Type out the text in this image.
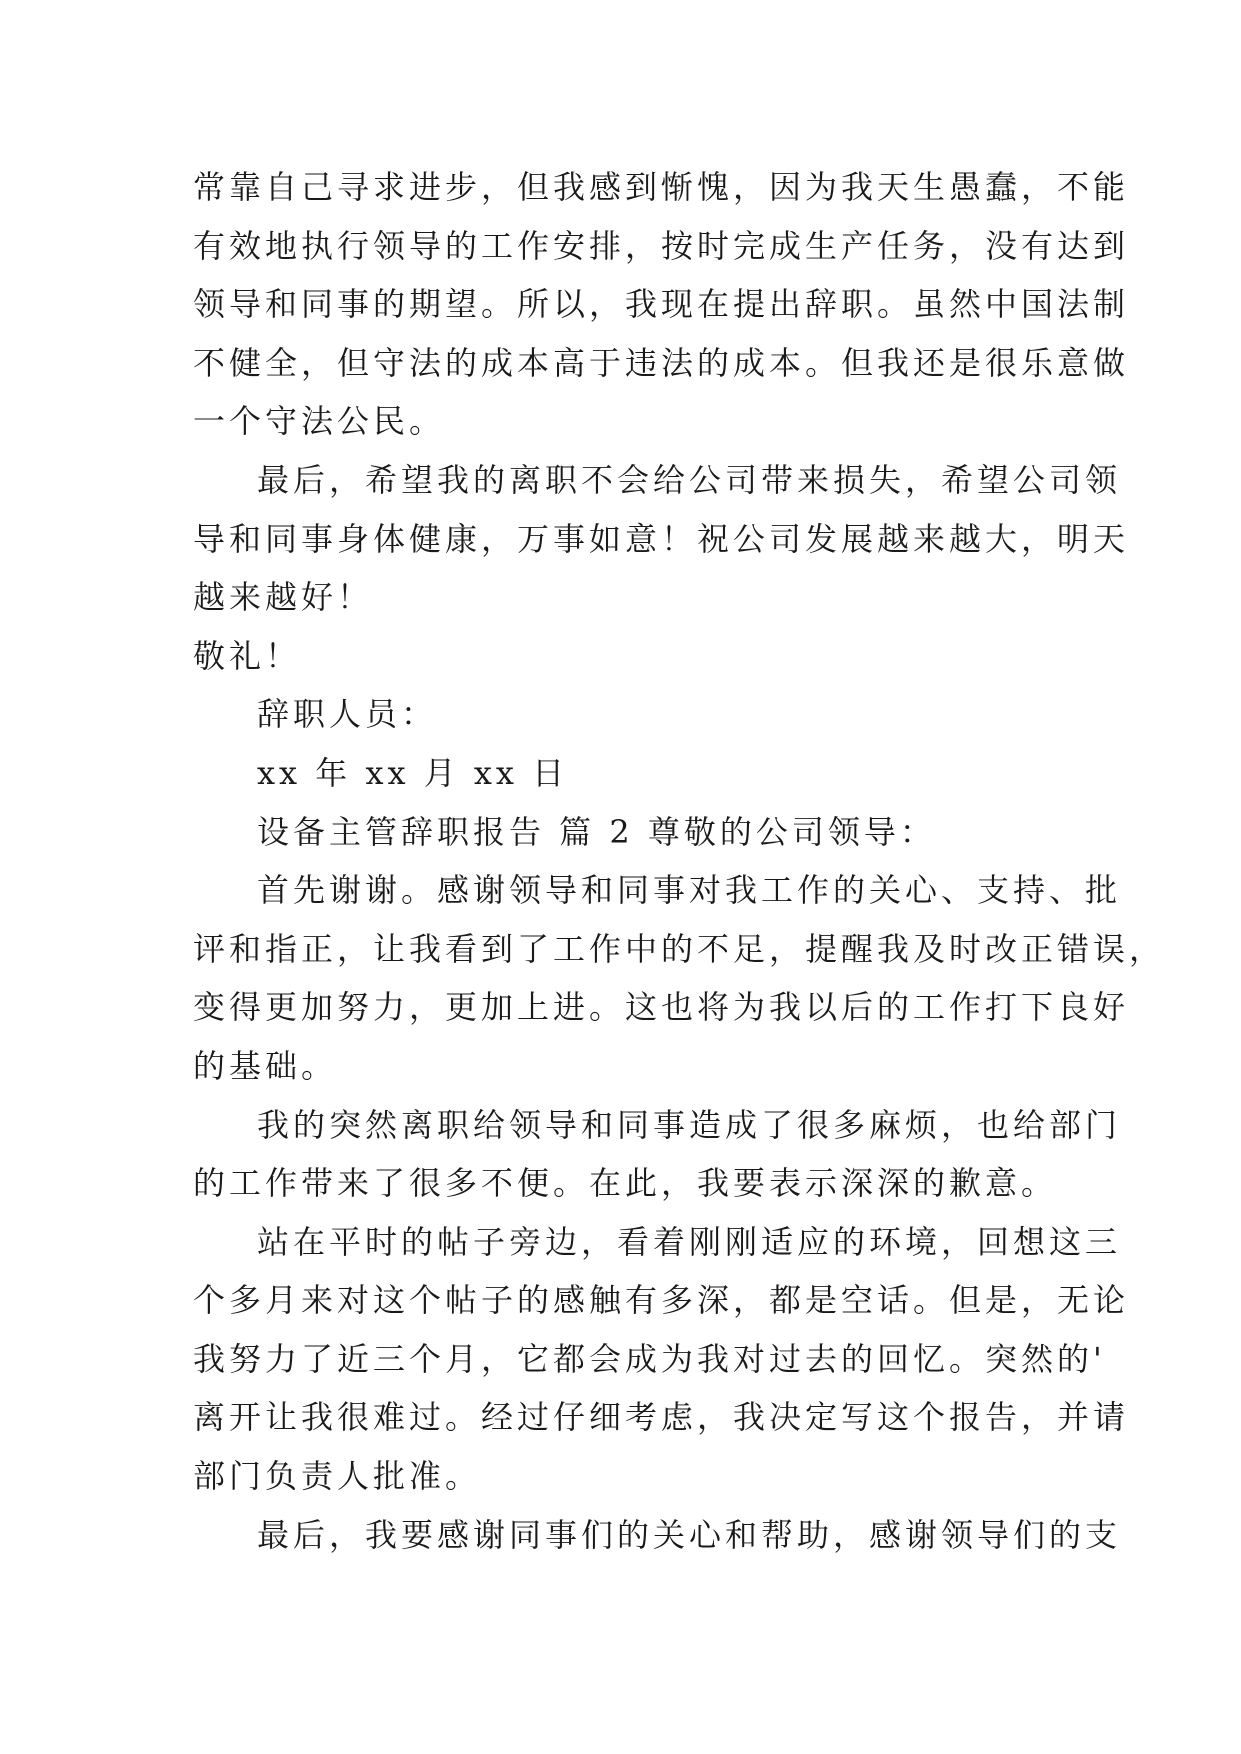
常靠自己寻求进步，但我感到惭愧，因为我天生愚蠢，不能
有效地执行领导的工作安排，按时完成生产任务，没有达到
领导和同事的期望。所以，我现在提出辞职。虽然中国法制
不健全，但守法的成本高于违法的成本。但我还是很乐意做
一个守法公民。
最后，希望我的离职不会给公司带来损失，希望公司领
导和同事身体健康，万事如意！祝公司发展越来越大，明天
越来越好！
敬礼！
辞职人员：
xx 年 xx 月 xx 日
设备主管辞职报告 篇 2 尊敬的公司领导：
首先谢谢。感谢领导和同事对我工作的关心、支持、批
评和指正，让我看到了工作中的不足，提醒我及时改正错误，
变得更加努力，更加上进。这也将为我以后的工作打下良好
的基础。
我的突然离职给领导和同事造成了很多麻烦，也给部门
的工作带来了很多不便。在此，我要表示深深的歉意。
站在平时的帖子旁边，看着刚刚适应的环境，回想这三
个多月来对这个帖子的感触有多深，都是空话。但是，无论
我努力了近三个月，它都会成为我对过去的回忆。突然的'
离开让我很难过。经过仔细考虑，我决定写这个报告，并请
部门负责人批准。
最后，我要感谢同事们的关心和帮助，感谢领导们的支
